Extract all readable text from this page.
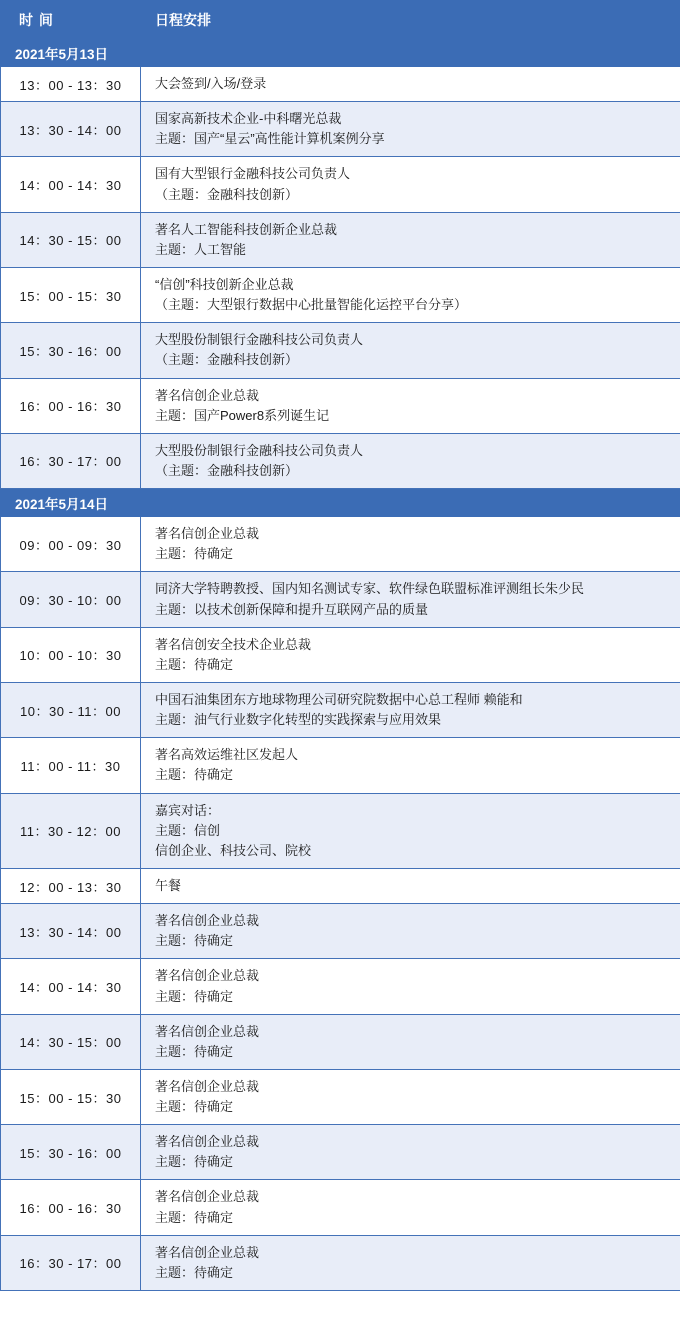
时 间	日程安排
2021年5月13日	
13：00 - 13：30	大会签到/入场/登录

13：30 - 14：00	国家高新技术企业-中科曙光总裁
主题：国产“星云”高性能计算机案例分享

14：00 - 14：30	国有大型银行金融科技公司负责人
（主题：金融科技创新）

14：30 - 15：00	著名人工智能科技创新企业总裁
主题：人工智能

15：00 - 15：30	“信创”科技创新企业总裁
（主题：大型银行数据中心批量智能化运控平台分享）

15：30 - 16：00	大型股份制银行金融科技公司负责人
（主题：金融科技创新）

16：00 - 16：30	著名信创企业总裁
主题：国产Power8系列诞生记

16：30 - 17：00	大型股份制银行金融科技公司负责人
（主题：金融科技创新）

2021年5月14日	
09：00 - 09：30	著名信创企业总裁
主题：待确定

09：30 - 10：00	同济大学特聘教授、国内知名测试专家、软件绿色联盟标准评测组长朱少民
主题：以技术创新保障和提升互联网产品的质量

10：00 - 10：30	著名信创安全技术企业总裁
主题：待确定

10：30 - 11：00	中国石油集团东方地球物理公司研究院数据中心总工程师 赖能和
主题：油气行业数字化转型的实践探索与应用效果

11：00 - 11：30	著名高效运维社区发起人
主题：待确定

11：30 - 12：00	嘉宾对话：
主题：信创
信创企业、科技公司、院校

12：00 - 13：30	午餐

13：30 - 14：00	著名信创企业总裁
主题：待确定

14：00 - 14：30	著名信创企业总裁
主题：待确定

14：30 - 15：00	著名信创企业总裁
主题：待确定

15：00 - 15：30	著名信创企业总裁
主题：待确定

15：30 - 16：00	著名信创企业总裁
主题：待确定

16：00 - 16：30	著名信创企业总裁
主题：待确定

16：30 - 17：00	著名信创企业总裁
主题：待确定
